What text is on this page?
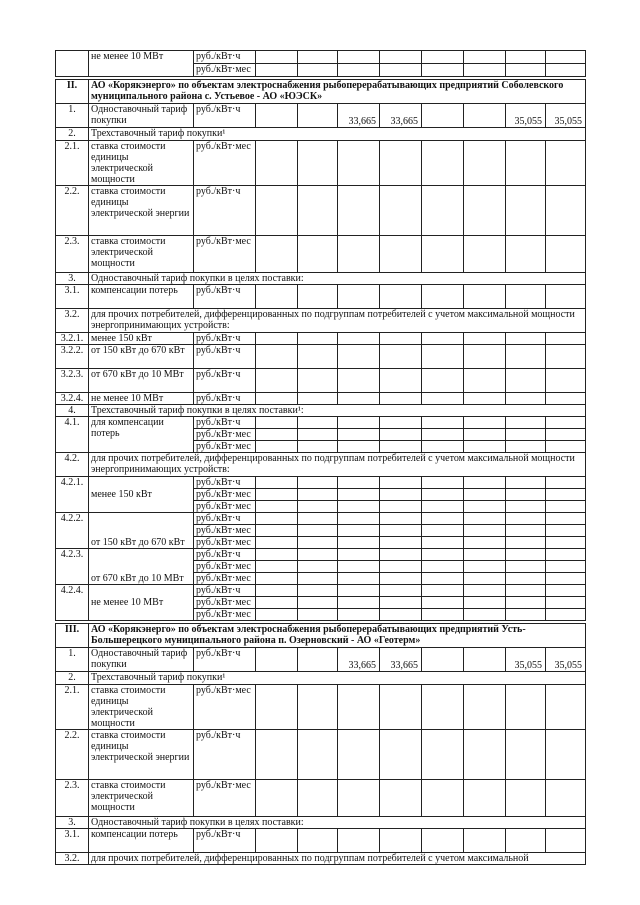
	не менее 10 МВт	руб./кВт·ч								
		руб./кВт·мес								

II.	АО «Корякэнерго» по объектам электроснабжения рыбоперерабатывающих предприятий Соболевского муниципального района с. Устьевое - АО «ЮЭСК»									
1.	Одноставочный тариф покупки	руб./кВт·ч			33,665	33,665			35,055	35,055
2.	Трехставочный тариф покупки¹									
2.1.	ставка стоимости единицы электрической мощности	руб./кВт·мес								
2.2.	ставка стоимости единицы электрической энергии	руб./кВт·ч								
2.3.	ставка стоимости электрической мощности	руб./кВт·мес								
3.	Одноставочный тариф покупки в целях поставки:									
3.1.	компенсации потерь	руб./кВт·ч								
3.2.	для прочих потребителей, дифференцированных по подгруппам потребителей с учетом максимальной мощности энергопринимающих устройств:									
3.2.1.	менее 150 кВт	руб./кВт·ч								
3.2.2.	от 150 кВт до 670 кВт	руб./кВт·ч								
3.2.3.	от 670 кВт до 10 МВт	руб./кВт·ч								
3.2.4.	не менее 10 МВт	руб./кВт·ч								
4.	Трехставочный тариф покупки в целях поставки¹:									
4.1.	для компенсации потерь	руб./кВт·ч								
		руб./кВт·мес								
		руб./кВт·мес								
4.2.	для прочих потребителей, дифференцированных по подгруппам потребителей с учетом максимальной мощности энергопринимающих устройств:									
4.2.1.	менее 150 кВт	руб./кВт·ч								
		руб./кВт·мес								
		руб./кВт·мес								
4.2.2.	от 150 кВт до 670 кВт	руб./кВт·ч								
		руб./кВт·мес								
		руб./кВт·мес								
4.2.3.	от 670 кВт до 10 МВт	руб./кВт·ч								
		руб./кВт·мес								
		руб./кВт·мес								
4.2.4.	не менее 10 МВт	руб./кВт·ч								
		руб./кВт·мес								
		руб./кВт·мес								

III.	АО «Корякэнерго» по объектам электроснабжения рыбоперерабатывающих предприятий Усть-Большерецкого муниципального района п. Озерновский - АО «Геотерм»									
1.	Одноставочный тариф покупки	руб./кВт·ч			33,665	33,665			35,055	35,055
2.	Трехставочный тариф покупки¹									
2.1.	ставка стоимости единицы электрической мощности	руб./кВт·мес								
2.2.	ставка стоимости единицы электрической энергии	руб./кВт·ч								
2.3.	ставка стоимости электрической мощности	руб./кВт·мес								
3.	Одноставочный тариф покупки в целях поставки:									
3.1.	компенсации потерь	руб./кВт·ч								
3.2.	для прочих потребителей, дифференцированных по подгруппам потребителей с учетом максимальной									
